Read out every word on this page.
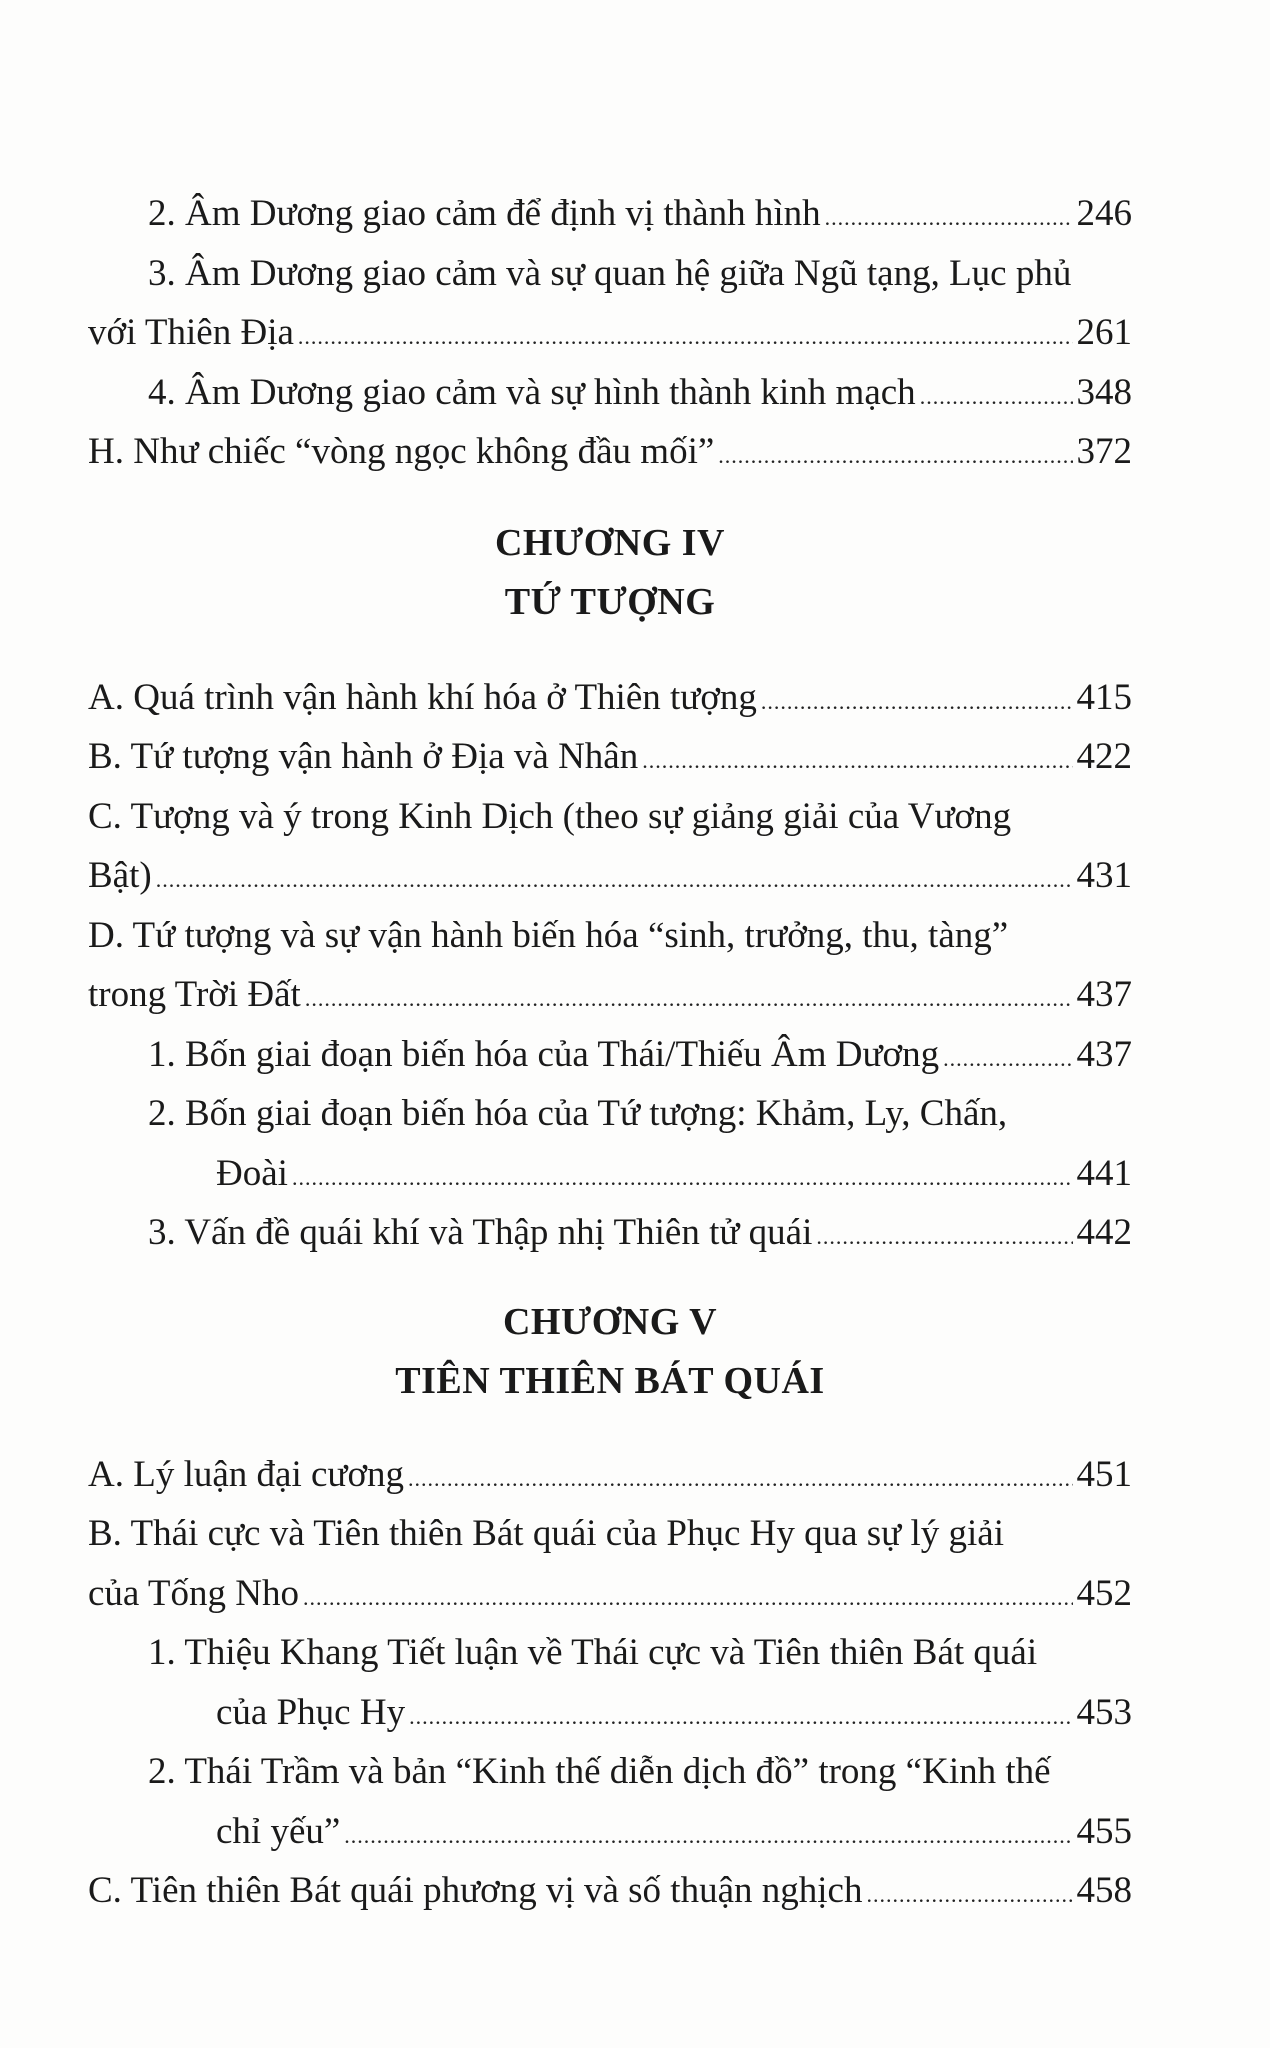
2. Âm Dương giao cảm để định vị thành hình .....	246
3. Âm Dương giao cảm và sự quan hệ giữa Ngũ tạng, Lục phủ
với Thiên Địa .....	261
4. Âm Dương giao cảm và sự hình thành kinh mạch .....	348
H. Như chiếc “vòng ngọc không đầu mối” .....	372
CHƯƠNG IV
TỨ TƯỢNG
A. Quá trình vận hành khí hóa ở Thiên tượng .....	415
B. Tứ tượng vận hành ở Địa và Nhân .....	422
C. Tượng và ý trong Kinh Dịch (theo sự giảng giải của Vương
Bật) .....	431
D. Tứ tượng và sự vận hành biến hóa “sinh, trưởng, thu, tàng”
trong Trời Đất .....	437
1. Bốn giai đoạn biến hóa của Thái/Thiếu Âm Dương .....	437
2. Bốn giai đoạn biến hóa của Tứ tượng: Khảm, Ly, Chấn,
Đoài .....	441
3. Vấn đề quái khí và Thập nhị Thiên tử quái .....	442
CHƯƠNG V
TIÊN THIÊN BÁT QUÁI
A. Lý luận đại cương .....	451
B. Thái cực và Tiên thiên Bát quái của Phục Hy qua sự lý giải
của Tống Nho .....	452
1. Thiệu Khang Tiết luận về Thái cực và Tiên thiên Bát quái
của Phục Hy .....	453
2. Thái Trầm và bản “Kinh thế diễn dịch đồ” trong “Kinh thế
chỉ yếu” .....	455
C. Tiên thiên Bát quái phương vị và số thuận nghịch .....	458
